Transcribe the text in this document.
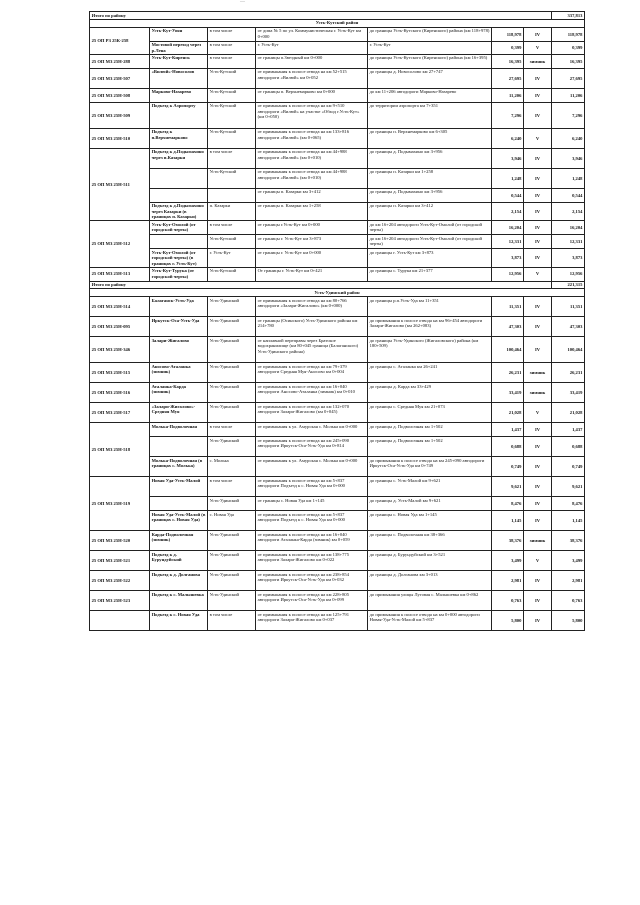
—
Итого по району							337,813
Усть-Кутский район							
25 ОП РЗ 25К-258	Усть-Кут-Уоян	в том числе	от дома № 5 по ул. Коммунистическая г. Усть-Кут км 0+000	до границы Усть-Кутского (Киренского) района (км 118+978)	118,978	IV	118,978
	Мостовой переход через р.Лена	в том числе	г. Усть-Кут	г. Усть-Кут	0,399	V	0,399
25 ОП МЗ 25Н-288	Усть-Кут-Киренск	в том числе	от границы п.Звездный км 0+000	до границы Усть-Кутского (Киренского) района (км 16+395)	16,395	зимник	16,395
25 ОП МЗ 25Н-507	«Вилюй»-Новосолов	Усть-Кутский	от примыкания к полосе отвода на км 52+515 автодороги «Вилюй» км 0+052	до границы д. Новосолово км 27+747	27,695	IV	27,695
25 ОП МЗ 25Н-508	Марково-Назарево	Усть-Кутский	от границы п. Верхнемарково км 0+000	до км 11+206 автодороги Марково-Назарево	11,206	IV	11,206
25 ОП МЗ 25Н-509	Подъезд к Аэропорту	Усть-Кутский	от примыкания к полосе отвода на км 9+510 автодороги «Вилюй» на участке «Обход г.Усть-Кут» (км 0+050)	до территории аэропорта км 7+351	7,296	IV	7,296
25 ОП МЗ 25Н-510	Подъезд к п.Верхнемарково	Усть-Кутский	от примыкания к полосе отвода на км 133+816 автодороги «Вилюй» (км 0+065)	до границы п. Верхнемарково км 6+305	6,240	V	6,240
25 ОП МЗ 25Н-511	Подъезд к д.Подымахино через п.Казарки	в том числе	от примыкания к полосе отвода на км 44+988 автодороги «Вилюй» (км 0+010)	до границы д. Подымахино км 3+956	3,946	IV	3,946
		Усть-Кутский	от примыкания к полосе отвода на км 44+988 автодороги «Вилюй» (км 0+010)	до границы п. Казарки км 1+258	1,248	IV	1,248
			от границы п. Казарки км 3+412	до границы д. Подымахино км 3+956	0,544	IV	0,544
	Подъезд к д.Подымахино через Казарки (в границах п. Казарки)	п. Казарки	от границы п. Казарки км 1+258	до границы п. Казарки км 3+412	2,154	IV	2,154
25 ОП МЗ 25Н-512	Усть-Кут-Омолой (от городской черты)	в том числе	от границы г.Усть-Кут км 0+000	до км 16+204 автодороги Усть-Кут-Омолой (от городской черты)	16,204	IV	16,204
		Усть-Кутский	от границы г. Усть-Кут км 3+873	до км 16+204 автодороги Усть-Кут-Омолой (от городской черты)	12,331	IV	12,331
	Усть-Кут-Омолой (от городской черты) (в границах г. Усть-Кут)	г. Усть-Кут	от границы г. Усть-Кут км 0+000	до границы г. Усть-Кут км 3+873	3,873	IV	3,873
25 ОП МЗ 25Н-513	Усть-Кут-Турука (от городской черты)	Усть-Кутский	От границы г. Усть-Кут км 0+421	до границы с. Турука км 21+377	12,956	V	12,956
Итого по району							221,315
Усть-Удинский район							
25 ОП МЗ 25Н-514	Балаганск-Усть-Уда	Усть-Удинский	от примыкания к полосе отвода на км 80+766 автодороги «Залари-Жигалово» (км 0+000)	до границы р.п.Усть-Уда км 11+351	11,351	IV	11,351
25 ОП МЗ 25Н-095	Иркутск-Оса-Усть-Уда	Усть-Удинский	от границы (Осинского) Усть-Удинского района км 214+780	до примыкания к полосе отвода на км 96+454 автодороги Залари-Жигалово (км 262+083)	47,303	IV	47,303
25 ОП МЗ 25Н-346	Залари-Жигалово	Усть-Удинский	от наплавной переправы через Братское водохранилище (км 80+045 граница (Балаганского) Усть-Удинского района)	до границы Усть-Удинского (Жигаловского) района (км 180+509)	100,464	IV	100,464
25 ОП МЗ 25Н-515	Аносово-Аталанка (зимник)	Усть-Удинский	от примыкания к полосе отвода на км 79+379 автодороги Средняя Муя-Аносово км 0+004	до границы с. Аталанка км 26+241	26,231	зимник	26,231
25 ОП МЗ 25Н-516	Аталанка-Карда (зимник)	Усть-Удинский	от примыкания к полосе отвода на км 16+040 автодороги Аносово-Аталанка (зимник) км 0+010	до границы д. Карда км 33+429	33,419	зимник	33,419
25 ОП МЗ 25Н-517	«Залари-Жигалово»-Средняя Муя	Усть-Удинский	от примыкания к полосе отвода на км 132+070 автодороги Залари-Жигалово (км 0+045)	до границы с. Средняя Муя км 21+073	21,028	V	21,028
25 ОП МЗ 25Н-518	Молька-Подволочная	в том числе	от примыкания к ул. Амурская с. Молька км 0+000	до границы д. Подволочная км 1+502	1,437	IV	1,437
		Усть-Удинский	от примыкания к полосе отвода на км 245+090 автодороги Иркутск-Оса-Усть-Уда км 0+814	до границы д. Подволочная км 1+502	0,688	IV	0,688
	Молька-Подволочная (в границах с. Молька)	с. Молька	от примыкания к ул. Амурская с. Молька км 0+000	до примыкания к полосе отвода на км 245+090 автодороги Иркутск-Оса-Усть-Уда км 0+749	0,749	IV	0,749
25 ОП МЗ 25Н-519	Новая Уда-Усть-Малой	в том числе	от примыкания к полосе отвода на км 5+837 автодороги Подъезд к с. Новая Уда км 0+000	до границы с. Усть-Малой км 9+621	9,621	IV	9,621
		Усть-Удинский	от границы с. Новая Уда км 1+145	до границы д. Усть-Малой км 9+621	8,476	IV	8,476
	Новая Уда-Усть-Малой (в границах с. Новая Уда)	с. Новая Уда	от примыкания к полосе отвода на км 5+837 автодороги Подъезд к с. Новая Уда км 0+000	до границы с. Новая Уда км 1+145	1,145	IV	1,145
25 ОП МЗ 25Н-520	Карда-Подволочная (зимник)	Усть-Удинский	от примыкания к полосе отвода на км 16+040 автодороги Аталанка-Карда (зимник) км 0+059	до границы с. Подволочная км 38+366	38,376	зимник	38,376
25 ОП МЗ 25Н-521	Подъезд к д. Бурундуйский	Усть-Удинский	от примыкания к полосе отвода на км 138+775 автодороги Залари-Жигалово км 0+022	до границы д. Бурундуйский км 3+521	3,499	V	3,499
25 ОП МЗ 25Н-522	Подъезд к д. Долгановa	Усть-Удинский	от примыкания к полосе отвода на км 238+854 автодороги Иркутск-Оса-Усть-Уда км 0+032	до границы д. Долганова км 3+013	2,981	IV	2,981
25 ОП МЗ 25Н-523	Подъезд к с. Малышевка	Усть-Удинский	от примыкания к полосе отвода на км 228+805 автодороги Иркутск-Оса-Усть-Уда км 0+099	до примыкания улицы Луговая с. Малышевка км 0+862	0,763	IV	0,763
	Подъезд к с. Новая Уда	в том числе	от примыкания к полосе отвода на км 125+791 автодороги Залари-Жигалово км 0+037	до примыкания к полосе отвода на км 0+000 автодороги Новая-Уда-Усть-Малой км 5+837	5,800	IV	5,800
